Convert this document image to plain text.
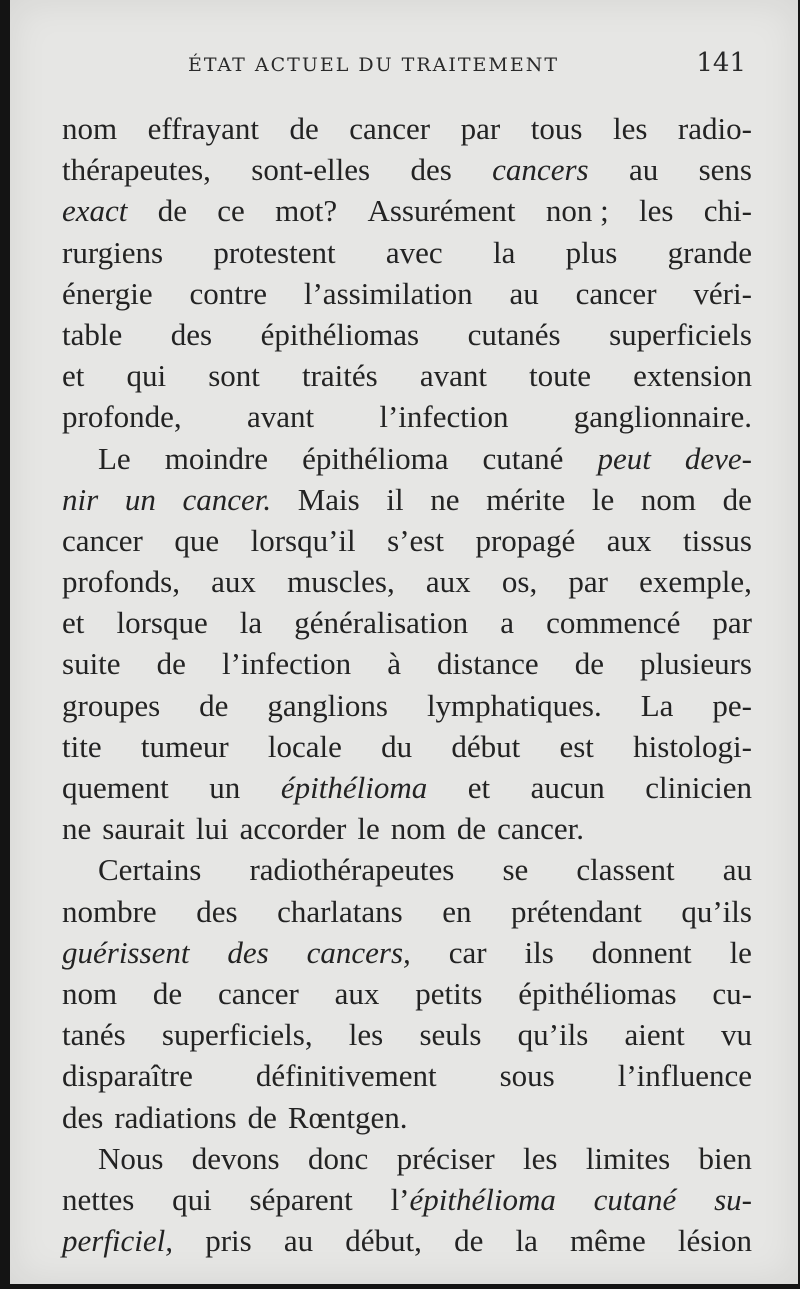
ÉTAT ACTUEL DU TRAITEMENT	141
nom effrayant de cancer par tous les radio-
thérapeutes, sont-elles des cancers au sens
exact de ce mot? Assurément non ; les chi-
rurgiens protestent avec la plus grande
énergie contre l’assimilation au cancer véri-
table des épithéliomas cutanés superficiels
et qui sont traités avant toute extension
profonde, avant l’infection ganglionnaire.
Le moindre épithélioma cutané peut deve-
nir un cancer. Mais il ne mérite le nom de
cancer que lorsqu’il s’est propagé aux tissus
profonds, aux muscles, aux os, par exemple,
et lorsque la généralisation a commencé par
suite de l’infection à distance de plusieurs
groupes de ganglions lymphatiques. La pe-
tite tumeur locale du début est histologi-
quement un épithélioma et aucun clinicien
ne saurait lui accorder le nom de cancer.
Certains radiothérapeutes se classent au
nombre des charlatans en prétendant qu’ils
guérissent des cancers, car ils donnent le
nom de cancer aux petits épithéliomas cu-
tanés superficiels, les seuls qu’ils aient vu
disparaître définitivement sous l’influence
des radiations de Rœntgen.
Nous devons donc préciser les limites bien
nettes qui séparent l’épithélioma cutané su-
perficiel, pris au début, de la même lésion
